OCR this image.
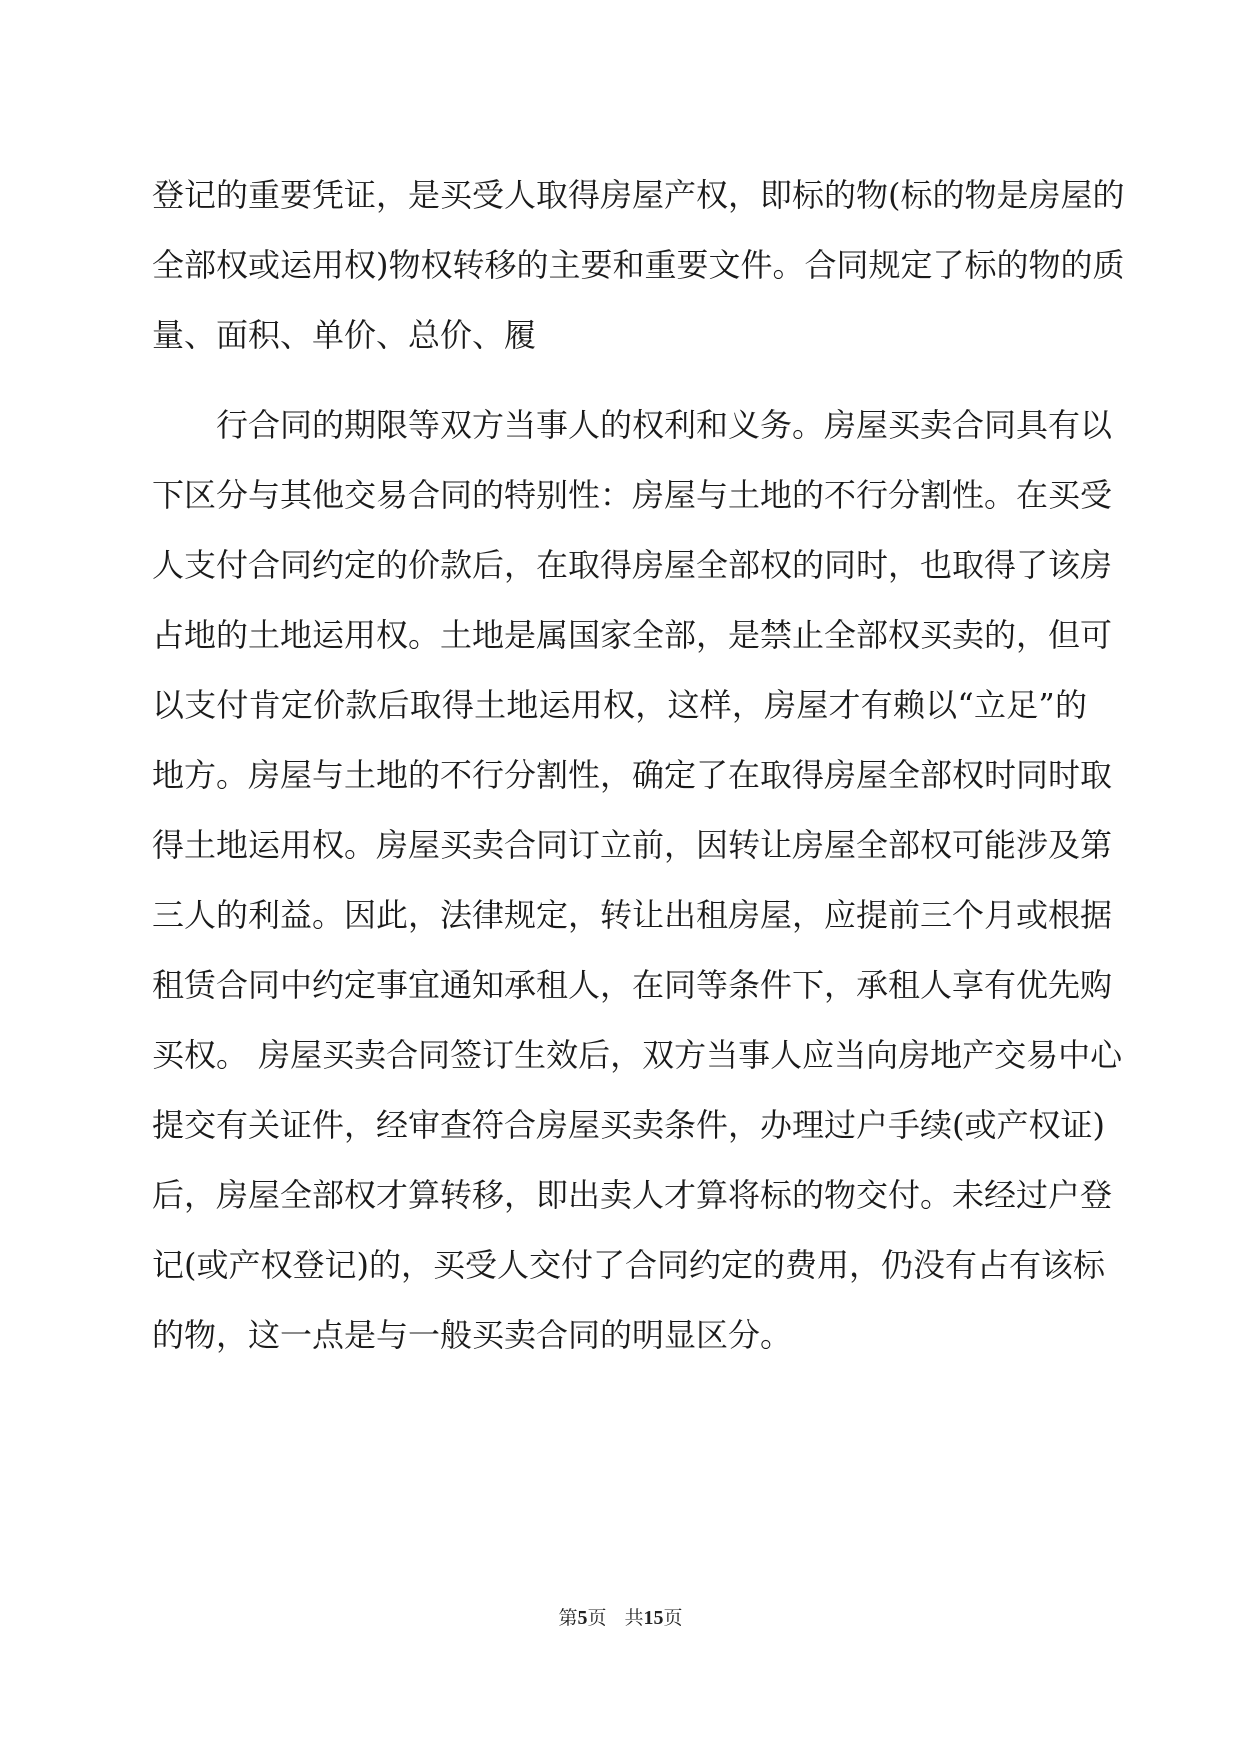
登记的重要凭证，是买受人取得房屋产权，即标的物(标的物是房屋的
全部权或运用权)物权转移的主要和重要文件。合同规定了标的物的质
量、面积、单价、总价、履
行合同的期限等双方当事人的权利和义务。房屋买卖合同具有以
下区分与其他交易合同的特别性：房屋与土地的不行分割性。在买受
人支付合同约定的价款后，在取得房屋全部权的同时，也取得了该房
占地的土地运用权。土地是属国家全部，是禁止全部权买卖的，但可
以支付肯定价款后取得土地运用权，这样，房屋才有赖以“立足”的
地方。房屋与土地的不行分割性，确定了在取得房屋全部权时同时取
得土地运用权。房屋买卖合同订立前，因转让房屋全部权可能涉及第
三人的利益。因此，法律规定，转让出租房屋，应提前三个月或根据
租赁合同中约定事宜通知承租人，在同等条件下，承租人享有优先购
买权。 房屋买卖合同签订生效后，双方当事人应当向房地产交易中心
提交有关证件，经审查符合房屋买卖条件，办理过户手续(或产权证)
后，房屋全部权才算转移，即出卖人才算将标的物交付。未经过户登
记(或产权登记)的，买受人交付了合同约定的费用，仍没有占有该标
的物，这一点是与一般买卖合同的明显区分。
第5页 共15页
